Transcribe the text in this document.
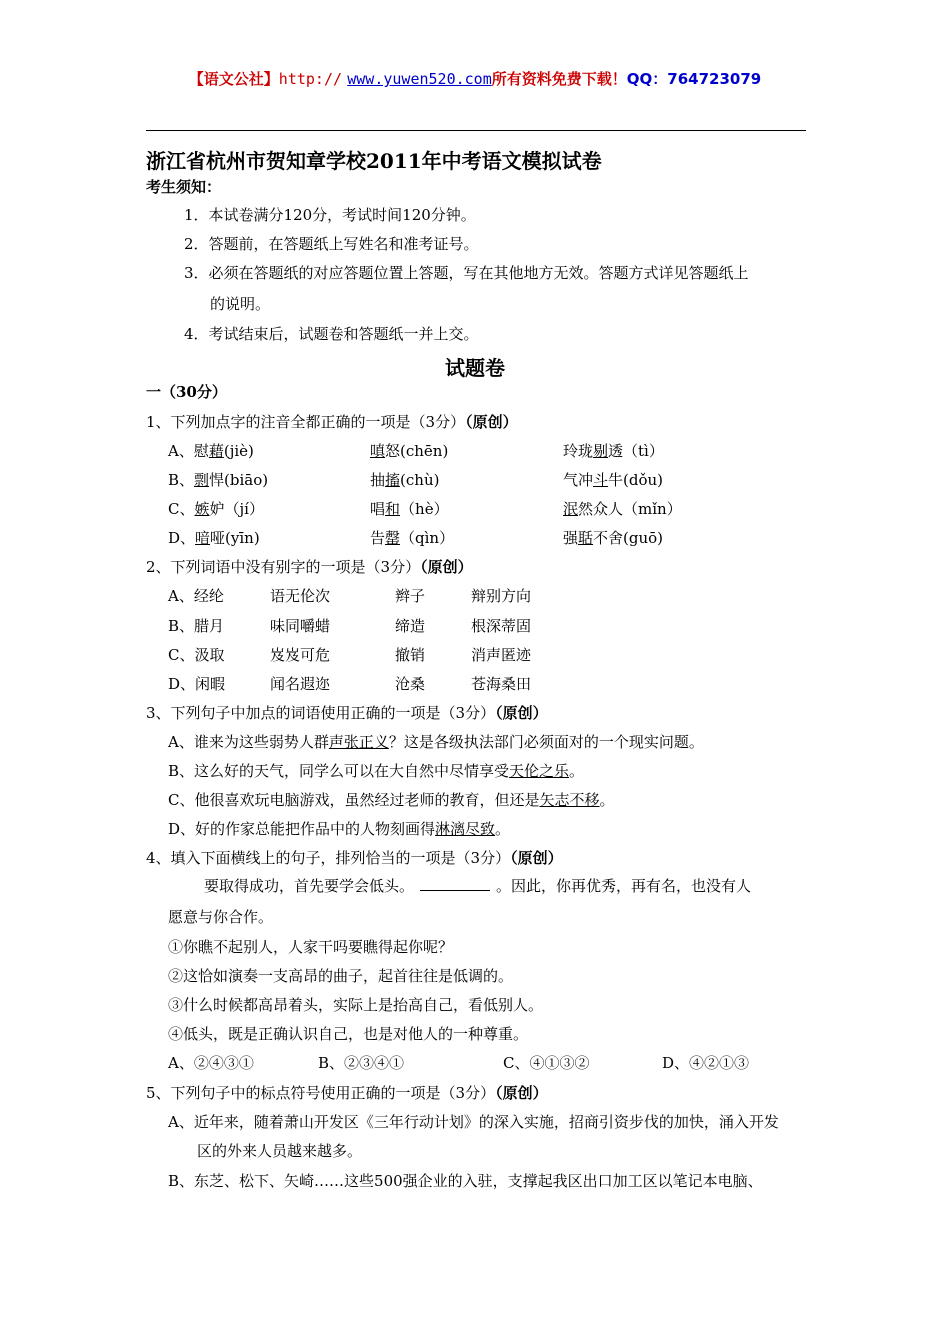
【语文公社】http:// www.yuwen520.com所有资料免费下载！QQ：764723079
浙江省杭州市贺知章学校2011年中考语文模拟试卷
考生须知：
1．本试卷满分120分，考试时间120分钟。
2．答题前，在答题纸上写姓名和准考证号。
3．必须在答题纸的对应答题位置上答题，写在其他地方无效。答题方式详见答题纸上
的说明。
4．考试结束后，试题卷和答题纸一并上交。
试题卷
一（30分）
1、下列加点字的注音全都正确的一项是（3分）（原创）
A、慰藉(jiè)	嗔怒(chēn)	玲珑剔透（tì）
B、剽悍(biāo)	抽搐(chù)	气冲斗牛(dǒu)
C、嫉妒（jí）	唱和（hè）	泯然众人（mǐn）
D、喑哑(yīn)	告罄（qìn）	强聒不舍(guō)
2、下列词语中没有别字的一项是（3分）（原创）
A、经纶	语无伦次	辫子	辩别方向
B、腊月	味同嚼蜡	缔造	根深蒂固
C、汲取	岌岌可危	撤销	消声匿迹
D、闲暇	闻名遐迩	沧桑	苍海桑田
3、下列句子中加点的词语使用正确的一项是（3分）（原创）
A、谁来为这些弱势人群声张正义？这是各级执法部门必须面对的一个现实问题。
B、这么好的天气，同学么可以在大自然中尽情享受天伦之乐。
C、他很喜欢玩电脑游戏，虽然经过老师的教育，但还是矢志不移。
D、好的作家总能把作品中的人物刻画得淋漓尽致。
4、填入下面横线上的句子，排列恰当的一项是（3分）（原创）
要取得成功，首先要学会低头。	。因此，你再优秀，再有名，也没有人
愿意与你合作。
①你瞧不起别人，人家干吗要瞧得起你呢？
②这恰如演奏一支高昂的曲子，起首往往是低调的。
③什么时候都高昂着头，实际上是抬高自己，看低别人。
④低头，既是正确认识自己，也是对他人的一种尊重。
A、②④③①	B、②③④①	C、④①③②	D、④②①③
5、下列句子中的标点符号使用正确的一项是（3分）（原创）
A、近年来，随着萧山开发区《三年行动计划》的深入实施，招商引资步伐的加快，涌入开发
区的外来人员越来越多。
B、东芝、松下、矢崎……这些500强企业的入驻，支撑起我区出口加工区以笔记本电脑、
